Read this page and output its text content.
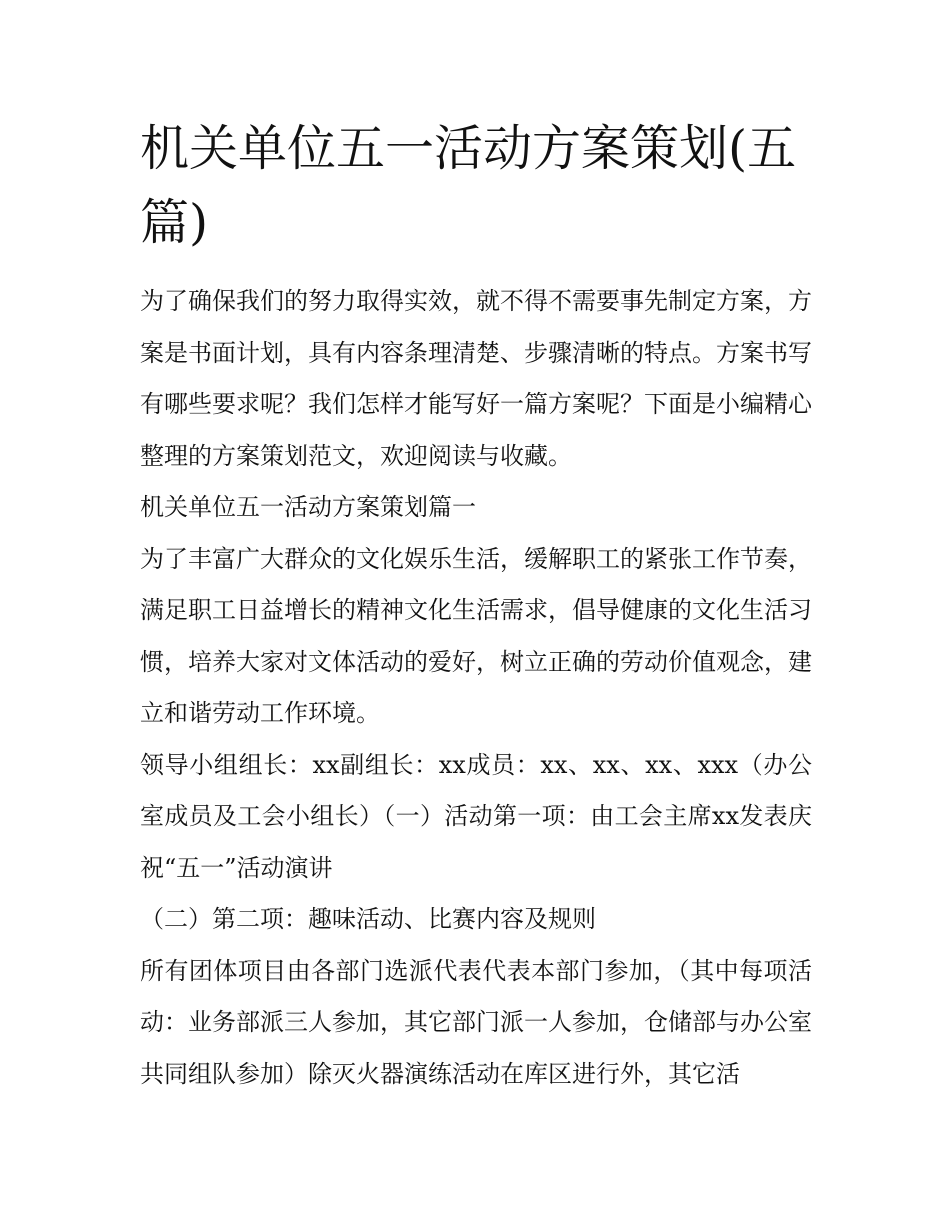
机关单位五一活动方案策划(五篇)

为了确保我们的努力取得实效，就不得不需要事先制定方案，方案是书面计划，具有内容条理清楚、步骤清晰的特点。方案书写有哪些要求呢？我们怎样才能写好一篇方案呢？下面是小编精心整理的方案策划范文，欢迎阅读与收藏。

机关单位五一活动方案策划篇一

为了丰富广大群众的文化娱乐生活，缓解职工的紧张工作节奏，满足职工日益增长的精神文化生活需求，倡导健康的文化生活习惯，培养大家对文体活动的爱好，树立正确的劳动价值观念，建立和谐劳动工作环境。

领导小组组长：xx副组长：xx成员：xx、xx、xx、xxx（办公室成员及工会小组长）（一）活动第一项：由工会主席xx发表庆祝“五一”活动演讲

（二）第二项：趣味活动、比赛内容及规则

所有团体项目由各部门选派代表代表本部门参加，（其中每项活动：业务部派三人参加，其它部门派一人参加，仓储部与办公室共同组队参加）除灭火器演练活动在库区进行外，其它活
